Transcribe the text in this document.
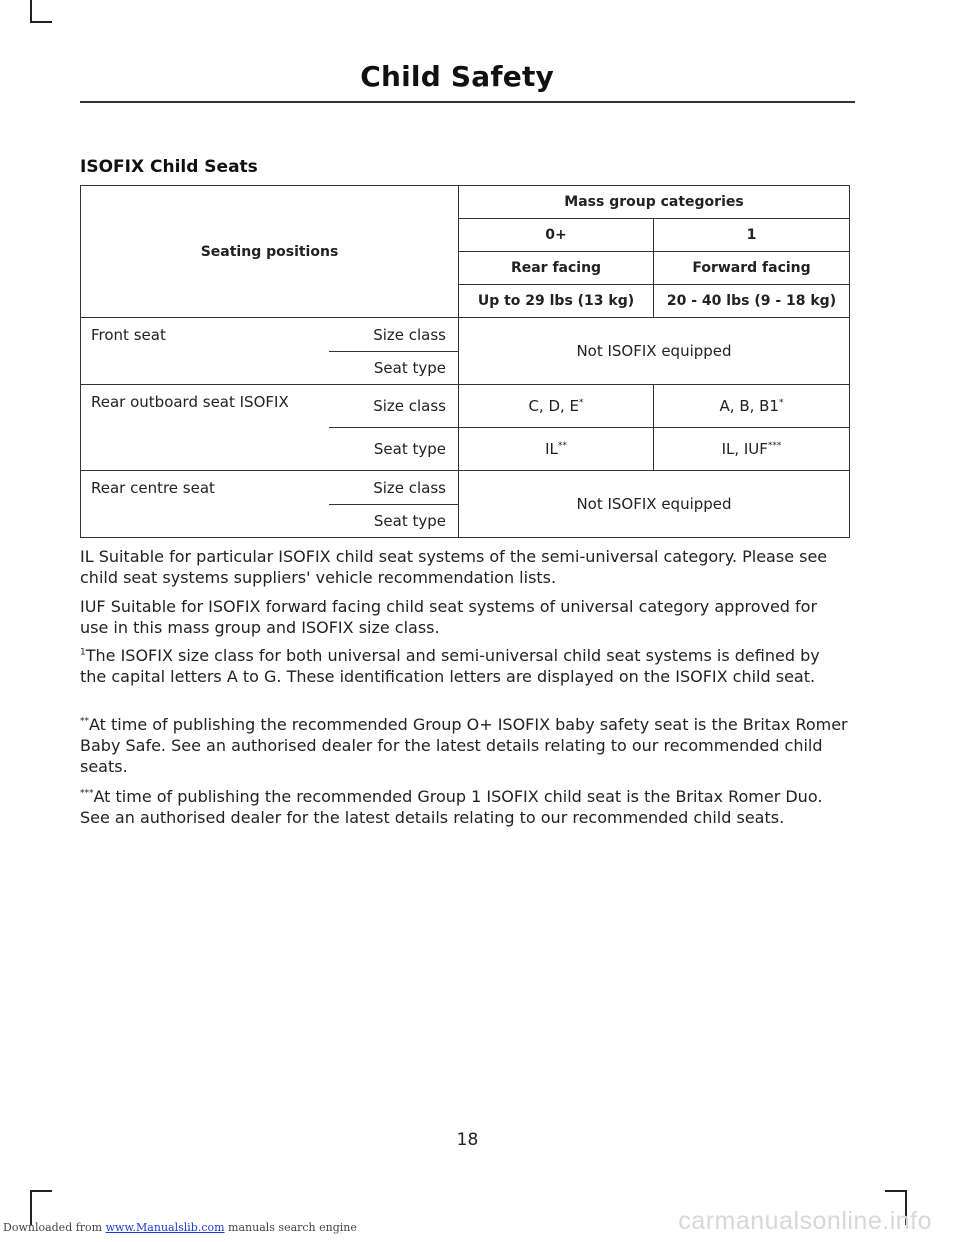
Child Safety
ISOFIX Child Seats
Seating positions		Mass group categories	
		0+	1
		Rear facing	Forward facing
		Up to 29 lbs (13 kg)	20 - 40 lbs (9 - 18 kg)
Front seat	Size class	Not ISOFIX equipped	
	Seat type		
Rear outboard seat ISOFIX	Size class	C, D, E*	A, B, B1*
	Seat type	IL**	IL, IUF***
Rear centre seat	Size class	Not ISOFIX equipped	
	Seat type		

IL Suitable for particular ISOFIX child seat systems of the semi-universal category. Please see child seat systems suppliers' vehicle recommendation lists.

IUF Suitable for ISOFIX forward facing child seat systems of universal category approved for use in this mass group and ISOFIX size class.

$^1$The ISOFIX size class for both universal and semi-universal child seat systems is defined by the capital letters A to G. These identification letters are displayed on the ISOFIX child seat.

**At time of publishing the recommended Group O+ ISOFIX baby safety seat is the Britax Romer Baby Safe. See an authorised dealer for the latest details relating to our recommended child seats.

***At time of publishing the recommended Group 1 ISOFIX child seat is the Britax Romer Duo. See an authorised dealer for the latest details relating to our recommended child seats.

18
Downloaded from www.Manualslib.com manuals search engine	carmanualsonline.info
